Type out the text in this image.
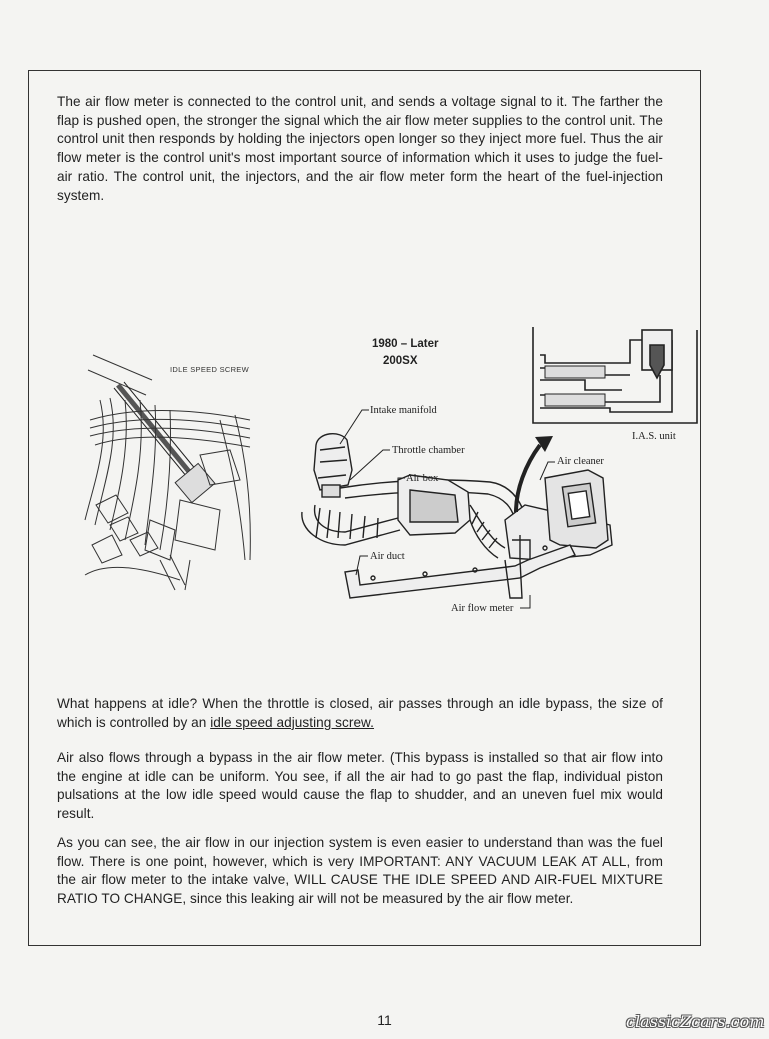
The air flow meter is connected to the control unit, and sends a voltage signal to it. The farther the flap is pushed open, the stronger the signal which the air flow meter supplies to the control unit. The control unit then responds by holding the injectors open longer so they inject more fuel. Thus the air flow meter is the control unit's most important source of information which it uses to judge the fuel-air ratio. The control unit, the injectors, and the air flow meter form the heart of the fuel-injection system.

IDLE SPEED SCREW
1980 – Later
200SX
I.A.S. unit
Intake manifold
Throttle chamber
Air box
Air cleaner
Air duct
Air flow meter

What happens at idle? When the throttle is closed, air passes through an idle bypass, the size of which is controlled by an idle speed adjusting screw.

Air also flows through a bypass in the air flow meter. (This bypass is installed so that air flow into the engine at idle can be uniform. You see, if all the air had to go past the flap, individual piston pulsations at the low idle speed would cause the flap to shudder, and an uneven fuel mix would result.

As you can see, the air flow in our injection system is even easier to understand than was the fuel flow. There is one point, however, which is very IMPORTANT: ANY VACUUM LEAK AT ALL, from the air flow meter to the intake valve, WILL CAUSE THE IDLE SPEED AND AIR-FUEL MIXTURE RATIO TO CHANGE, since this leaking air will not be measured by the air flow meter.

11	classicZcars.com
